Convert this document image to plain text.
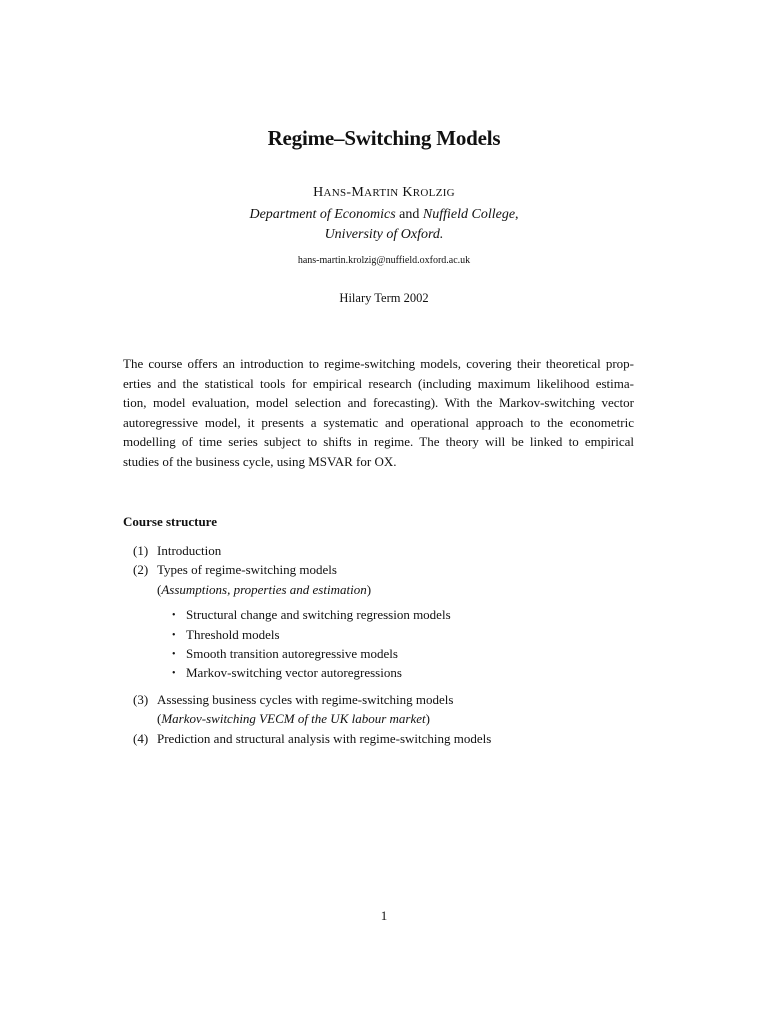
Regime–Switching Models
HANS-MARTIN KROLZIG
Department of Economics and Nuffield College,
University of Oxford.
hans-martin.krolzig@nuffield.oxford.ac.uk
Hilary Term 2002
The course offers an introduction to regime-switching models, covering their theoretical prop-
erties and the statistical tools for empirical research (including maximum likelihood estima-
tion, model evaluation, model selection and forecasting). With the Markov-switching vector
autoregressive model, it presents a systematic and operational approach to the econometric
modelling of time series subject to shifts in regime. The theory will be linked to empirical
studies of the business cycle, using MSVAR for OX.
Course structure
(1) Introduction
(2) Types of regime-switching models
(Assumptions, properties and estimation)
• Structural change and switching regression models
• Threshold models
• Smooth transition autoregressive models
• Markov-switching vector autoregressions
(3) Assessing business cycles with regime-switching models
(Markov-switching VECM of the UK labour market)
(4) Prediction and structural analysis with regime-switching models
1
